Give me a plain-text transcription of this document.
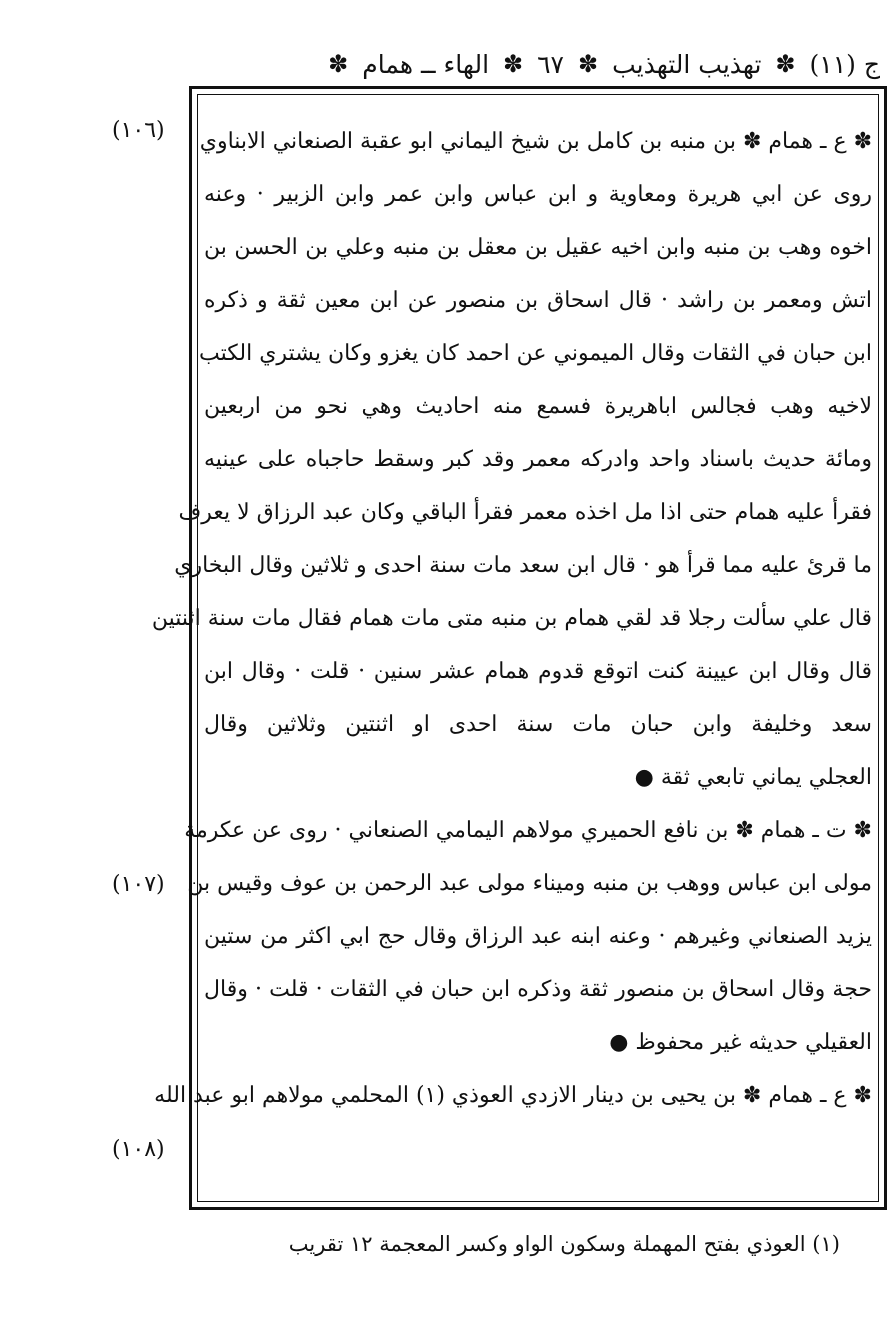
ج (١١)
✽
تهذيب التهذيب
✽
٦٧
✽
الهاء ــ همام
✽
(١٠٦)
(١٠٧)
(١٠٨)
✽ ع ـ همام ✽ بن منبه بن كامل بن شيخ اليماني ابو عقبة الصنعاني الابناوي
روى عن ابي هريرة ومعاوية و ابن عباس وابن عمر وابن الزبير · وعنه
اخوه وهب بن منبه وابن اخيه عقيل بن معقل بن منبه وعلي بن الحسن بن
اتش ومعمر بن راشد · قال اسحاق بن منصور عن ابن معين ثقة و ذكره
ابن حبان في الثقات وقال الميموني عن احمد كان يغزو وكان يشتري الكتب
لاخيه وهب فجالس اباهريرة فسمع منه احاديث وهي نحو من اربعين
ومائة حديث باسناد واحد وادركه معمر وقد كبر وسقط حاجباه على عينيه
فقرأ عليه همام حتى اذا مل اخذه معمر فقرأ الباقي وكان عبد الرزاق لا يعرف
ما قرئ عليه مما قرأ هو · قال ابن سعد مات سنة احدى و ثلاثين وقال البخاري
قال علي سألت رجلا قد لقي همام بن منبه متى مات همام فقال مات سنة اثنتين
قال وقال ابن عيينة كنت اتوقع قدوم همام عشر سنين · قلت · وقال ابن
سعد وخليفة وابن حبان مات سنة احدى او اثنتين وثلاثين وقال
العجلي يماني تابعي ثقة ●
✽ ت ـ همام ✽ بن نافع الحميري مولاهم اليمامي الصنعاني · روى عن عكرمة
مولى ابن عباس ووهب بن منبه وميناء مولى عبد الرحمن بن عوف وقيس بن
يزيد الصنعاني وغيرهم · وعنه ابنه عبد الرزاق وقال حج ابي اكثر من ستين
حجة وقال اسحاق بن منصور ثقة وذكره ابن حبان في الثقات · قلت · وقال
العقيلي حديثه غير محفوظ ●
✽ ع ـ همام ✽ بن يحيى بن دينار الازدي العوذي (١) المحلمي مولاهم ابو عبد الله
(١) العوذي بفتح المهملة وسكون الواو وكسر المعجمة ١٢ تقريب
